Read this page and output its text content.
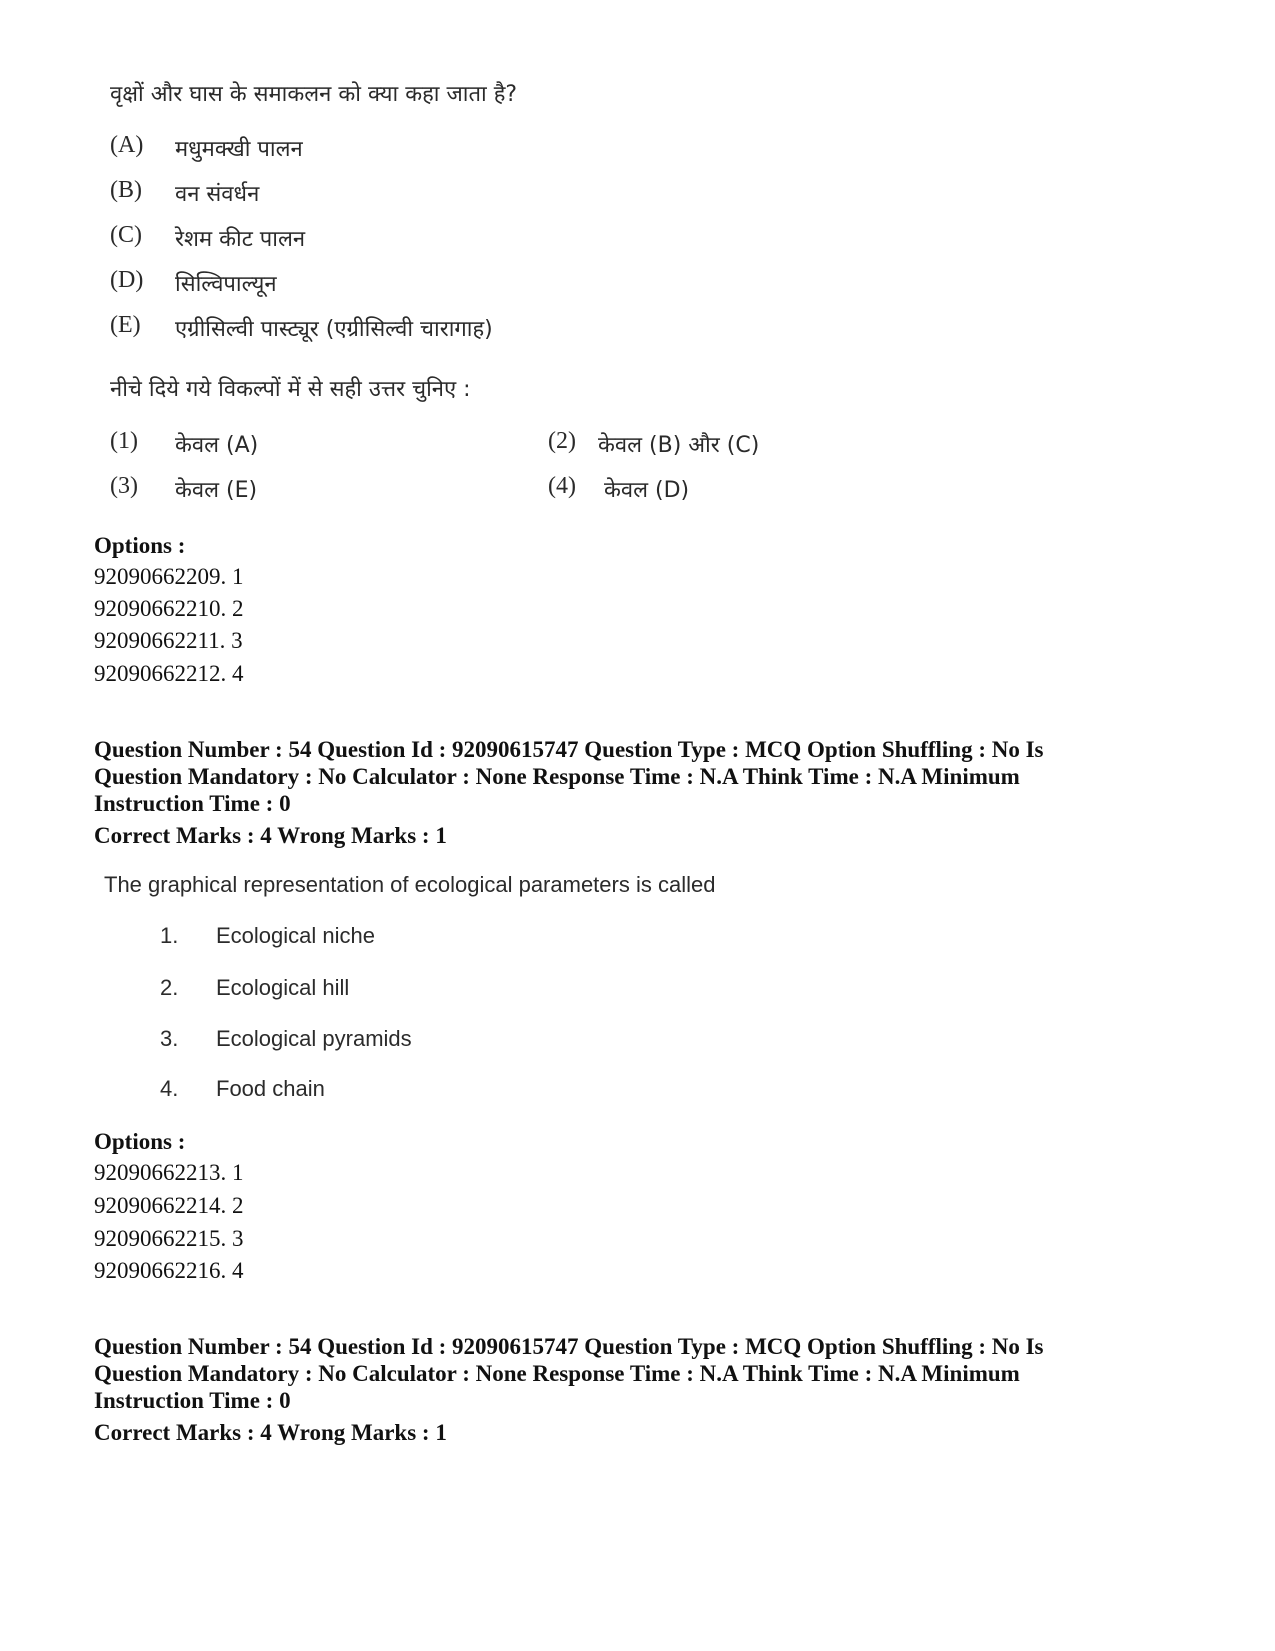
वृक्षों और घास के समाकलन को क्या कहा जाता है?
(A) मधुमक्खी पालन
(B) वन संवर्धन
(C) रेशम कीट पालन
(D) सिल्विपाल्यून
(E) एग्रीसिल्वी पास्ट्यूर (एग्रीसिल्वी चारागाह)
नीचे दिये गये विकल्पों में से सही उत्तर चुनिए :
(1) केवल (A)	(2) केवल (B) और (C)
(3) केवल (E)	(4) केवल (D)
Options :
92090662209. 1
92090662210. 2
92090662211. 3
92090662212. 4
Question Number : 54 Question Id : 92090615747 Question Type : MCQ Option Shuffling : No Is
Question Mandatory : No Calculator : None Response Time : N.A Think Time : N.A Minimum
Instruction Time : 0
Correct Marks : 4 Wrong Marks : 1
The graphical representation of ecological parameters is called
1. Ecological niche
2. Ecological hill
3. Ecological pyramids
4. Food chain
Options :
92090662213. 1
92090662214. 2
92090662215. 3
92090662216. 4
Question Number : 54 Question Id : 92090615747 Question Type : MCQ Option Shuffling : No Is
Question Mandatory : No Calculator : None Response Time : N.A Think Time : N.A Minimum
Instruction Time : 0
Correct Marks : 4 Wrong Marks : 1
